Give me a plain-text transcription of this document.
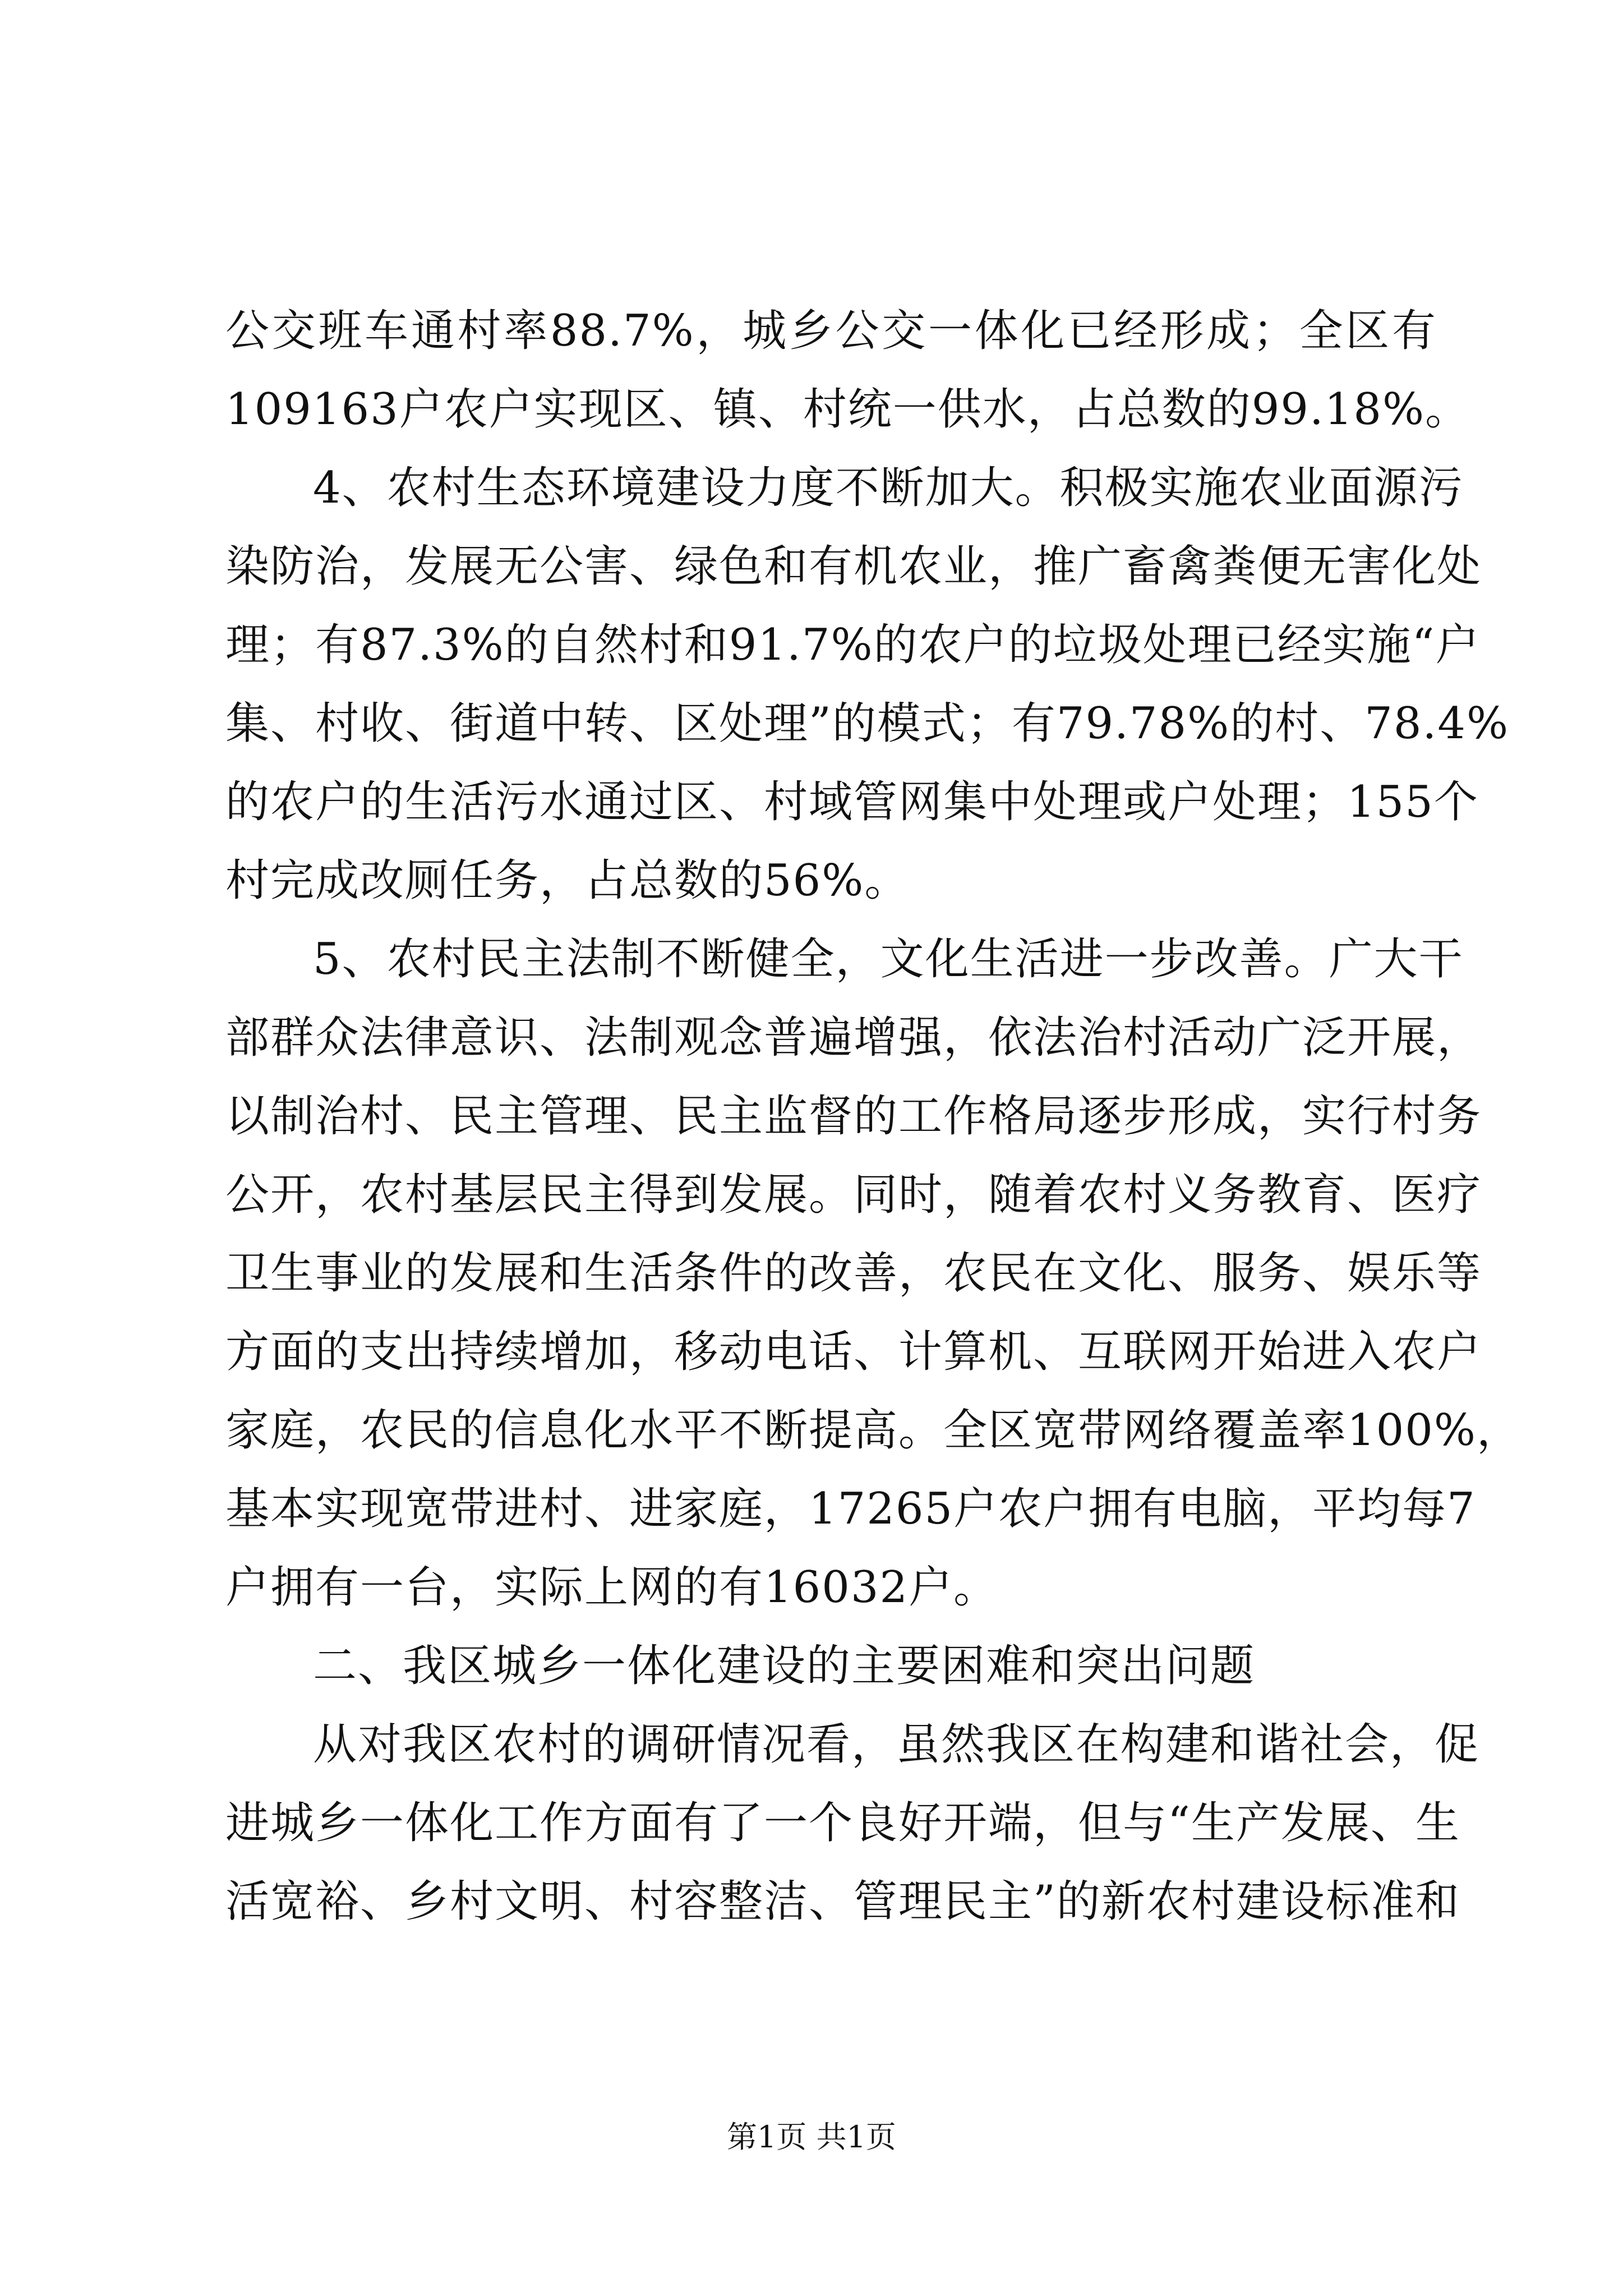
公交班车通村率88.7%，城乡公交一体化已经形成；全区有
109163户农户实现区、镇、村统一供水，占总数的99.18%。
4、农村生态环境建设力度不断加大。积极实施农业面源污
染防治，发展无公害、绿色和有机农业，推广畜禽粪便无害化处
理；有87.3%的自然村和91.7%的农户的垃圾处理已经实施“户
集、村收、街道中转、区处理”的模式；有79.78%的村、78.4%
的农户的生活污水通过区、村域管网集中处理或户处理；155个
村完成改厕任务，占总数的56%。
5、农村民主法制不断健全，文化生活进一步改善。广大干
部群众法律意识、法制观念普遍增强，依法治村活动广泛开展，
以制治村、民主管理、民主监督的工作格局逐步形成，实行村务
公开，农村基层民主得到发展。同时，随着农村义务教育、医疗
卫生事业的发展和生活条件的改善，农民在文化、服务、娱乐等
方面的支出持续增加，移动电话、计算机、互联网开始进入农户
家庭，农民的信息化水平不断提高。全区宽带网络覆盖率100%，
基本实现宽带进村、进家庭，17265户农户拥有电脑，平均每7
户拥有一台，实际上网的有16032户。
二、我区城乡一体化建设的主要困难和突出问题
从对我区农村的调研情况看，虽然我区在构建和谐社会，促
进城乡一体化工作方面有了一个良好开端，但与“生产发展、生
活宽裕、乡村文明、村容整洁、管理民主”的新农村建设标准和
第1页 共1页
